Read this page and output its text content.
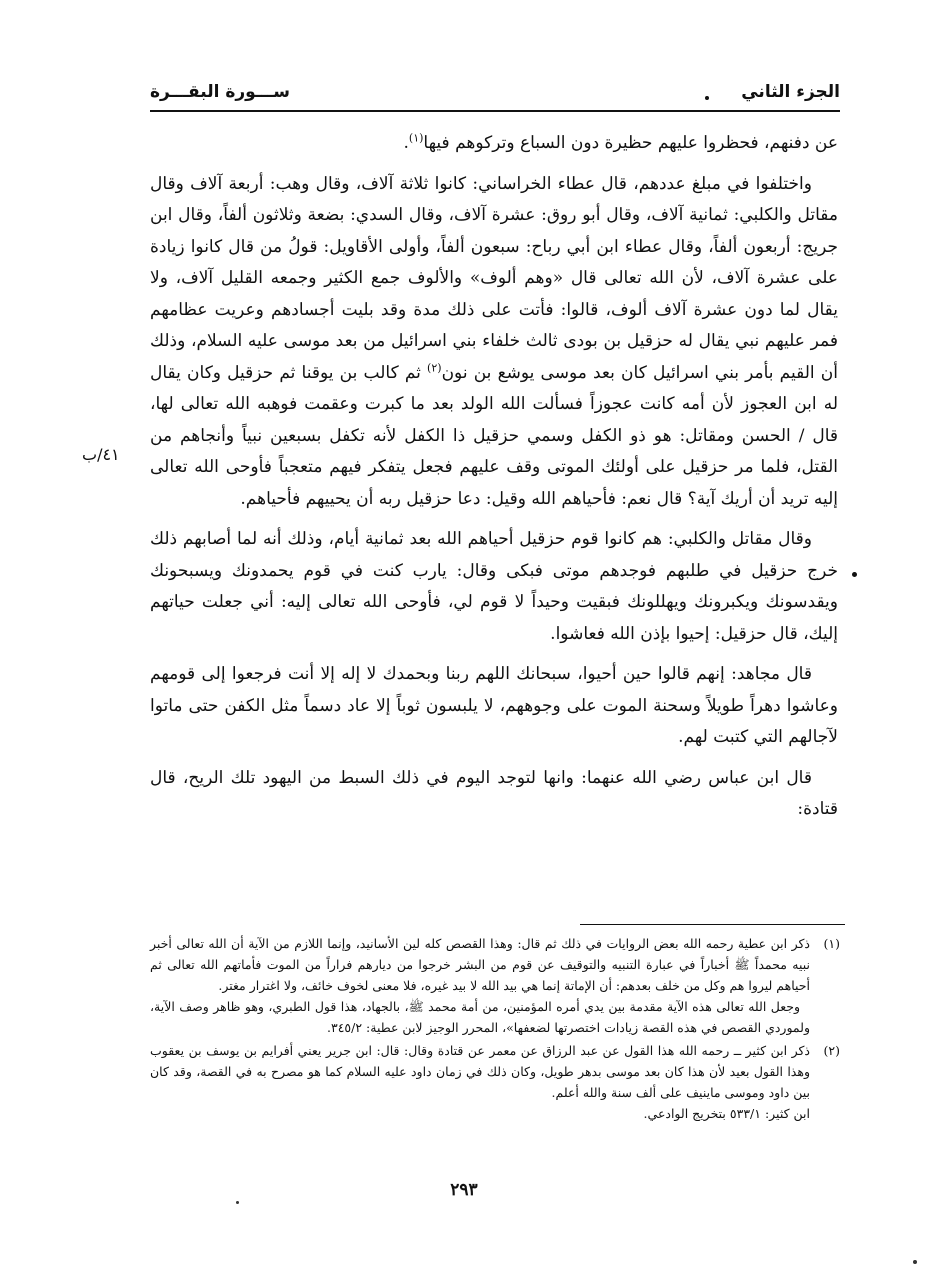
الجزء الثاني
ســـورة البقـــرة

عن دفنهم، فحظروا عليهم حظيرة دون السباع وتركوهم فيها$^{(١)}$.

واختلفوا في مبلغ عددهم، قال عطاء الخراساني: كانوا ثلاثة آلاف، وقال وهب: أربعة آلاف وقال مقاتل والكلبي: ثمانية آلاف، وقال أبو روق: عشرة آلاف، وقال السدي: بضعة وثلاثون ألفاً، وقال ابن جريج: أربعون ألفاً، وقال عطاء ابن أبي رباح: سبعون ألفاً، وأولى الأقاويل: قولُ من قال كانوا زيادة على عشرة آلاف، لأن الله تعالى قال «وهم ألوف» والألوف جمع الكثير وجمعه القليل آلاف، ولا يقال لما دون عشرة آلاف ألوف، قالوا: فأتت على ذلك مدة وقد بليت أجسادهم وعريت عظامهم فمر عليهم نبي يقال له حزقيل بن بودى ثالث خلفاء بني اسرائيل من بعد موسى عليه السلام، وذلك أن القيم بأمر بني اسرائيل كان بعد موسى يوشع بن نون$^{(٢)}$ ثم كالب بن يوقنا ثم حزقيل وكان يقال له ابن العجوز لأن أمه كانت عجوزاً فسألت الله الولد بعد ما كبرت وعقمت فوهبه الله تعالى لها، قال / الحسن ومقاتل: هو ذو الكفل وسمي حزقيل ذا الكفل لأنه تكفل بسبعين نبياً وأنجاهم من القتل، فلما مر حزقيل على أولئك الموتى وقف عليهم فجعل يتفكر فيهم متعجباً فأوحى الله تعالى إليه تريد أن أريك آية؟ قال نعم: فأحياهم الله وقيل: دعا حزقيل ربه أن يحييهم فأحياهم.

وقال مقاتل والكلبي: هم كانوا قوم حزقيل أحياهم الله بعد ثمانية أيام، وذلك أنه لما أصابهم ذلك خرج حزقيل في طلبهم فوجدهم موتى فبكى وقال: يارب كنت في قوم يحمدونك ويسبحونك ويقدسونك ويكبرونك ويهللونك فبقيت وحيداً لا قوم لي، فأوحى الله تعالى إليه: أني جعلت حياتهم إليك، قال حزقيل: إحيوا بإذن الله فعاشوا.

قال مجاهد: إنهم قالوا حين أحيوا، سبحانك اللهم ربنا وبحمدك لا إله إلا أنت فرجعوا إلى قومهم وعاشوا دهراً طويلاً وسحنة الموت على وجوههم، لا يلبسون ثوباً إلا عاد دسماً مثل الكفن حتى ماتوا لآجالهم التي كتبت لهم.

قال ابن عباس رضي الله عنهما: وانها لتوجد اليوم في ذلك السبط من اليهود تلك الريح، قال قتادة:

٤١/ب
(١)

ذكر ابن عطية رحمه الله بعض الروايات في ذلك ثم قال: وهذا القصص كله لين الأسانيد، وإنما اللازم من الآية أن الله تعالى أخبر نبيه محمداً ﷺ أخباراً في عبارة التنبيه والتوقيف عن قوم من البشر خرجوا من ديارهم فراراً من الموت فأماتهم الله تعالى ثم أحياهم ليروا هم وكل من خلف بعدهم: أن الإماتة إنما هي بيد الله لا بيد غيره، فلا معنى لخوف خائف، ولا اغترار مغتر.

وجعل الله تعالى هذه الآية مقدمة بين يدي أمره المؤمنين، من أمة محمد ﷺ، بالجهاد، هذا قول الطبري، وهو ظاهر وصف الآية، ولموردي القصص في هذه القصة زيادات اختصرتها لضعفها»، المحرر الوجيز لابن عطية: ٣٤٥/٢.

(٢)

ذكر ابن كثير ــ رحمه الله هذا القول عن عبد الرزاق عن معمر عن قتادة وقال: قال: ابن جرير يعني أفرايم بن يوسف بن يعقوب وهذا القول بعيد لأن هذا كان بعد موسى بدهر طويل، وكان ذلك في زمان داود عليه السلام كما هو مصرح به في القصة، وقد كان بين داود وموسى ماينيف على ألف سنة والله أعلم.

ابن كثير: ٥٣٣/١ بتخريج الوادعي.

٢٩٣
